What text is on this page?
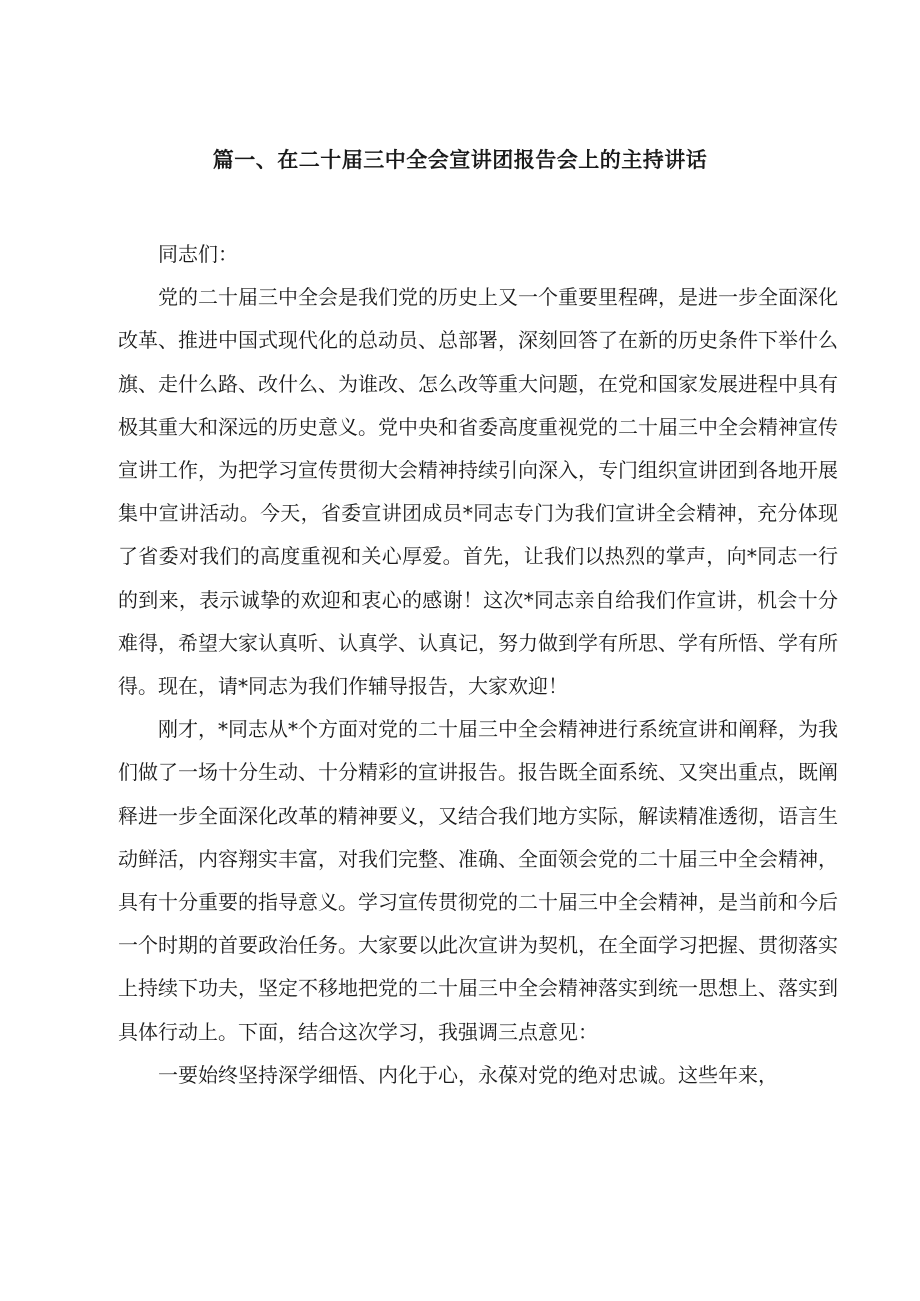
篇一、在二十届三中全会宣讲团报告会上的主持讲话

同志们：

党的二十届三中全会是我们党的历史上又一个重要里程碑，是进一步全面深化改革、推进中国式现代化的总动员、总部署，深刻回答了在新的历史条件下举什么旗、走什么路、改什么、为谁改、怎么改等重大问题，在党和国家发展进程中具有极其重大和深远的历史意义。党中央和省委高度重视党的二十届三中全会精神宣传宣讲工作，为把学习宣传贯彻大会精神持续引向深入，专门组织宣讲团到各地开展集中宣讲活动。今天，省委宣讲团成员*同志专门为我们宣讲全会精神，充分体现了省委对我们的高度重视和关心厚爱。首先，让我们以热烈的掌声，向*同志一行的到来，表示诚挚的欢迎和衷心的感谢！这次*同志亲自给我们作宣讲，机会十分难得，希望大家认真听、认真学、认真记，努力做到学有所思、学有所悟、学有所得。现在，请*同志为我们作辅导报告，大家欢迎！

刚才，*同志从*个方面对党的二十届三中全会精神进行系统宣讲和阐释，为我们做了一场十分生动、十分精彩的宣讲报告。报告既全面系统、又突出重点，既阐释进一步全面深化改革的精神要义，又结合我们地方实际，解读精准透彻，语言生动鲜活，内容翔实丰富，对我们完整、准确、全面领会党的二十届三中全会精神，具有十分重要的指导意义。学习宣传贯彻党的二十届三中全会精神，是当前和今后一个时期的首要政治任务。大家要以此次宣讲为契机，在全面学习把握、贯彻落实上持续下功夫，坚定不移地把党的二十届三中全会精神落实到统一思想上、落实到具体行动上。下面，结合这次学习，我强调三点意见：

一要始终坚持深学细悟、内化于心，永葆对党的绝对忠诚。这些年来，
